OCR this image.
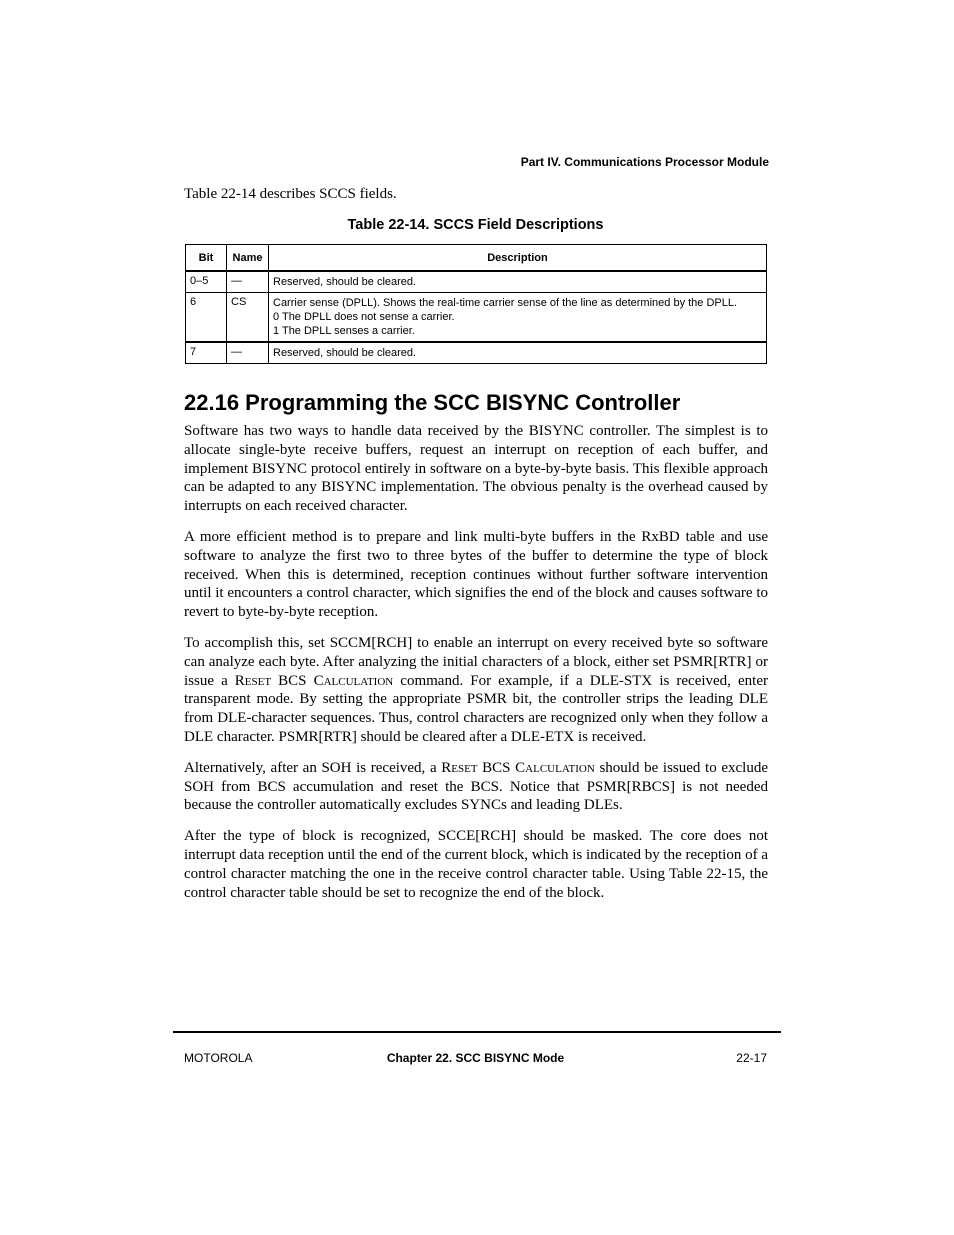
Part IV. Communications Processor Module
Table 22-14 describes SCCS fields.
Table 22-14. SCCS Field Descriptions
Bit	Name	Description
0–5	—	Reserved, should be cleared.

6	CS	Carrier sense (DPLL). Shows the real-time carrier sense of the line as determined by the DPLL.
0 The DPLL does not sense a carrier.
1 The DPLL senses a carrier.

7	—	Reserved, should be cleared.
22.16 Programming the SCC BISYNC Controller

Software has two ways to handle data received by the BISYNC controller. The simplest is to allocate single-byte receive buffers, request an interrupt on reception of each buffer, and implement BISYNC protocol entirely in software on a byte-by-byte basis. This flexible approach can be adapted to any BISYNC implementation. The obvious penalty is the overhead caused by interrupts on each received character.

A more efficient method is to prepare and link multi-byte buffers in the RxBD table and use software to analyze the first two to three bytes of the buffer to determine the type of block received. When this is determined, reception continues without further software intervention until it encounters a control character, which signifies the end of the block and causes software to revert to byte-by-byte reception.

To accomplish this, set SCCM[RCH] to enable an interrupt on every received byte so software can analyze each byte. After analyzing the initial characters of a block, either set PSMR[RTR] or issue a Reset BCS Calculation command. For example, if a DLE-STX is received, enter transparent mode. By setting the appropriate PSMR bit, the controller strips the leading DLE from DLE-character sequences. Thus, control characters are recognized only when they follow a DLE character. PSMR[RTR] should be cleared after a DLE-ETX is received.

Alternatively, after an SOH is received, a Reset BCS Calculation should be issued to exclude SOH from BCS accumulation and reset the BCS. Notice that PSMR[RBCS] is not needed because the controller automatically excludes SYNCs and leading DLEs.

After the type of block is recognized, SCCE[RCH] should be masked. The core does not interrupt data reception until the end of the current block, which is indicated by the reception of a control character matching the one in the receive control character table. Using Table 22-15, the control character table should be set to recognize the end of the block.

MOTOROLA	Chapter 22. SCC BISYNC Mode	22-17
